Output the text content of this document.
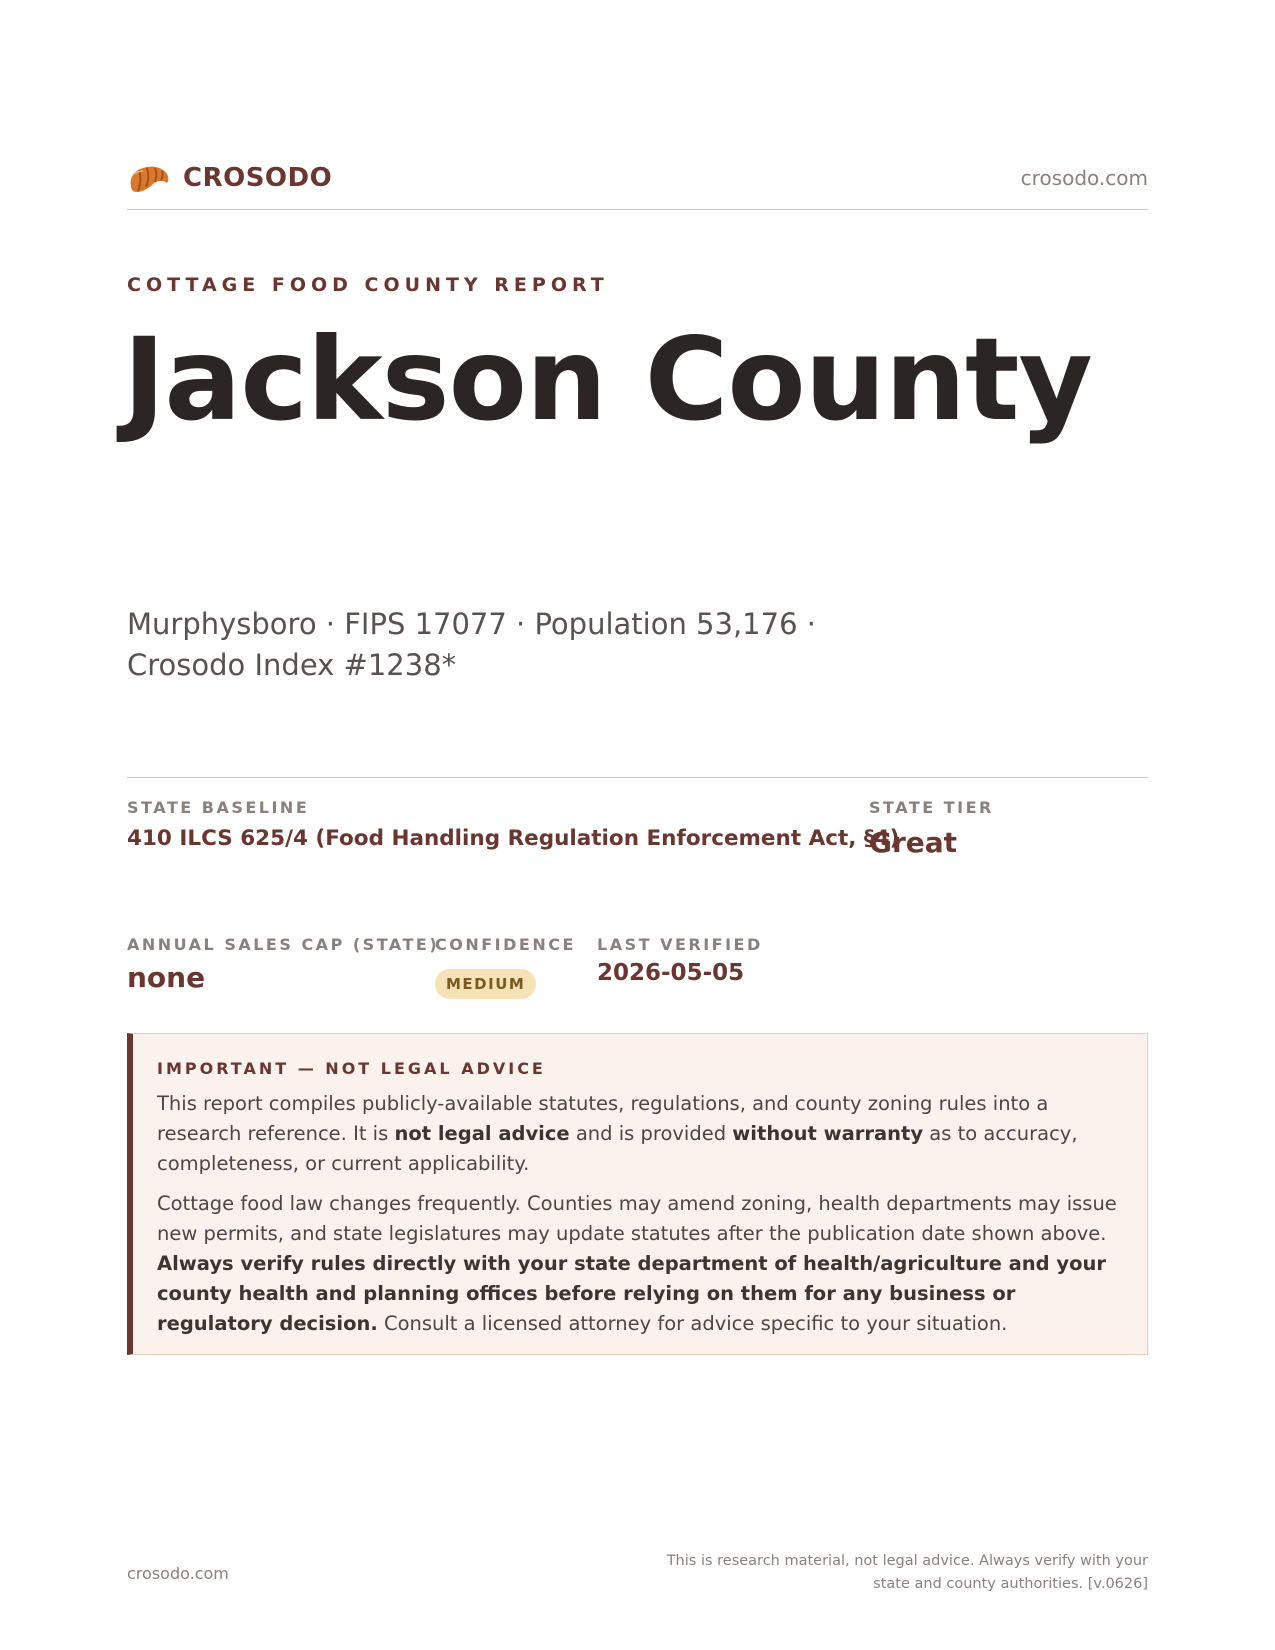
CROSODO	crosodo.com
COTTAGE FOOD COUNTY REPORT
Jackson County
Murphysboro · FIPS 17077 · Population 53,176 · Crosodo Index #1238*
STATE BASELINE
410 ILCS 625/4 (Food Handling Regulation Enforcement Act, §4)
STATE TIER
Great
ANNUAL SALES CAP (STATE)
none
CONFIDENCE
MEDIUM
LAST VERIFIED
2026-05-05
IMPORTANT — NOT LEGAL ADVICE

This report compiles publicly-available statutes, regulations, and county zoning rules into a research reference. It is not legal advice and is provided without warranty as to accuracy, completeness, or current applicability.

Cottage food law changes frequently. Counties may amend zoning, health departments may issue new permits, and state legislatures may update statutes after the publication date shown above. Always verify rules directly with your state department of health/agriculture and your county health and planning offices before relying on them for any business or regulatory decision. Consult a licensed attorney for advice specific to your situation.

crosodo.com
This is research material, not legal advice. Always verify with your state and county authorities. [v.0626]
